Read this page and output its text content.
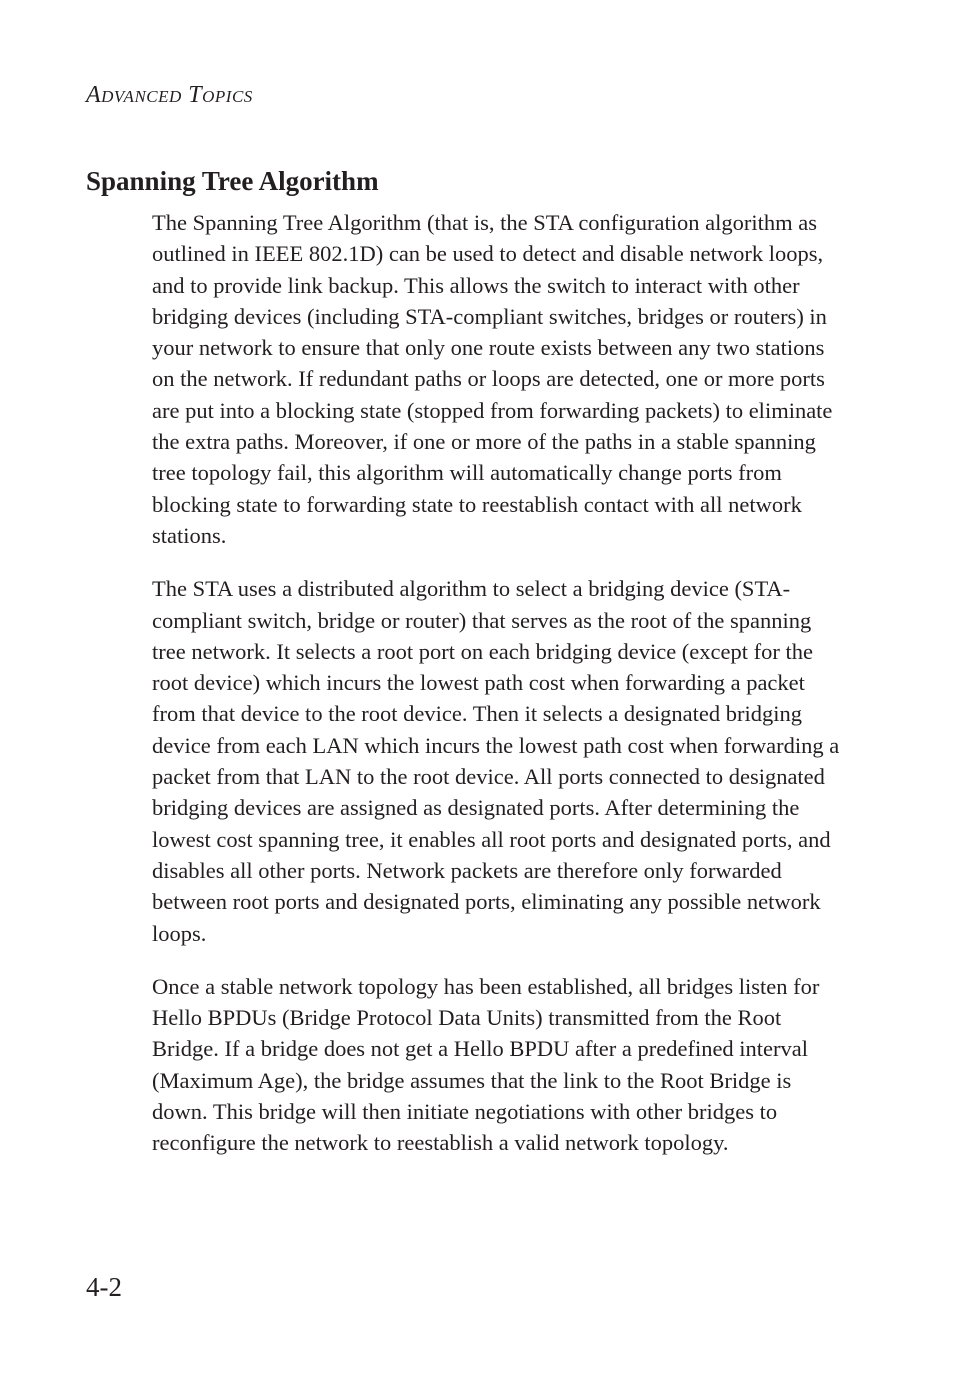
Advanced Topics
Spanning Tree Algorithm

The Spanning Tree Algorithm (that is, the STA configuration algorithm as outlined in IEEE 802.1D) can be used to detect and disable network loops, and to provide link backup. This allows the switch to interact with other bridging devices (including STA-compliant switches, bridges or routers) in your network to ensure that only one route exists between any two stations on the network. If redundant paths or loops are detected, one or more ports are put into a blocking state (stopped from forwarding packets) to eliminate the extra paths. Moreover, if one or more of the paths in a stable spanning tree topology fail, this algorithm will automatically change ports from blocking state to forwarding state to reestablish contact with all network stations.

The STA uses a distributed algorithm to select a bridging device (STA-compliant switch, bridge or router) that serves as the root of the spanning tree network. It selects a root port on each bridging device (except for the root device) which incurs the lowest path cost when forwarding a packet from that device to the root device. Then it selects a designated bridging device from each LAN which incurs the lowest path cost when forwarding a packet from that LAN to the root device. All ports connected to designated bridging devices are assigned as designated ports. After determining the lowest cost spanning tree, it enables all root ports and designated ports, and disables all other ports. Network packets are therefore only forwarded between root ports and designated ports, eliminating any possible network loops.

Once a stable network topology has been established, all bridges listen for Hello BPDUs (Bridge Protocol Data Units) transmitted from the Root Bridge. If a bridge does not get a Hello BPDU after a predefined interval (Maximum Age), the bridge assumes that the link to the Root Bridge is down. This bridge will then initiate negotiations with other bridges to reconfigure the network to reestablish a valid network topology.

4-2
